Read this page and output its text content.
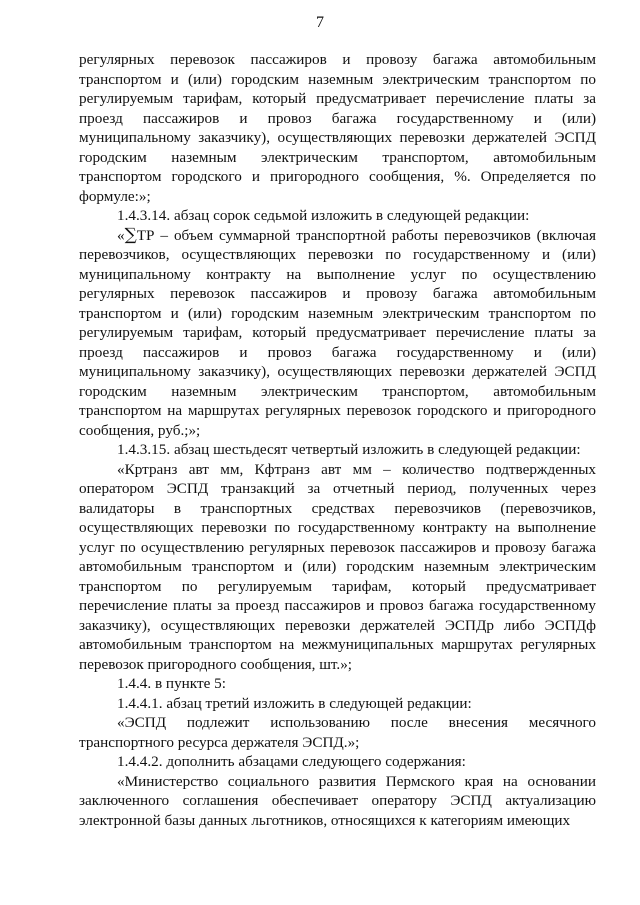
7

регулярных перевозок пассажиров и провозу багажа автомобильным транспортом и (или) городским наземным электрическим транспортом по регулируемым тарифам, который предусматривает перечисление платы за проезд пассажиров и провоз багажа государственному и (или) муниципальному заказчику), осуществляющих перевозки держателей ЭСПД городским наземным электрическим транспортом, автомобильным транспортом городского и пригородного сообщения, %. Определяется по формуле:»;

1.4.3.14. абзац сорок седьмой изложить в следующей редакции:

«∑ТР – объем суммарной транспортной работы перевозчиков (включая перевозчиков, осуществляющих перевозки по государственному и (или) муниципальному контракту на выполнение услуг по осуществлению регулярных перевозок пассажиров и провозу багажа автомобильным транспортом и (или) городским наземным электрическим транспортом по регулируемым тарифам, который предусматривает перечисление платы за проезд пассажиров и провоз багажа государственному и (или) муниципальному заказчику), осуществляющих перевозки держателей ЭСПД городским наземным электрическим транспортом, автомобильным транспортом на маршрутах регулярных перевозок городского и пригородного сообщения, руб.;»;

1.4.3.15. абзац шестьдесят четвертый изложить в следующей редакции:

«Кртранз авт мм, Кфтранз авт мм – количество подтвержденных оператором ЭСПД транзакций за отчетный период, полученных через валидаторы в транспортных средствах перевозчиков (перевозчиков, осуществляющих перевозки по государственному контракту на выполнение услуг по осуществлению регулярных перевозок пассажиров и провозу багажа автомобильным транспортом и (или) городским наземным электрическим транспортом по регулируемым тарифам, который предусматривает перечисление платы за проезд пассажиров и провоз багажа государственному заказчику), осуществляющих перевозки держателей ЭСПДр либо ЭСПДф автомобильным транспортом на межмуниципальных маршрутах регулярных перевозок пригородного сообщения, шт.»;

1.4.4. в пункте 5:

1.4.4.1. абзац третий изложить в следующей редакции:

«ЭСПД подлежит использованию после внесения месячного транспортного ресурса держателя ЭСПД.»;

1.4.4.2. дополнить абзацами следующего содержания:

«Министерство социального развития Пермского края на основании заключенного соглашения обеспечивает оператору ЭСПД актуализацию электронной базы данных льготников, относящихся к категориям имеющих
